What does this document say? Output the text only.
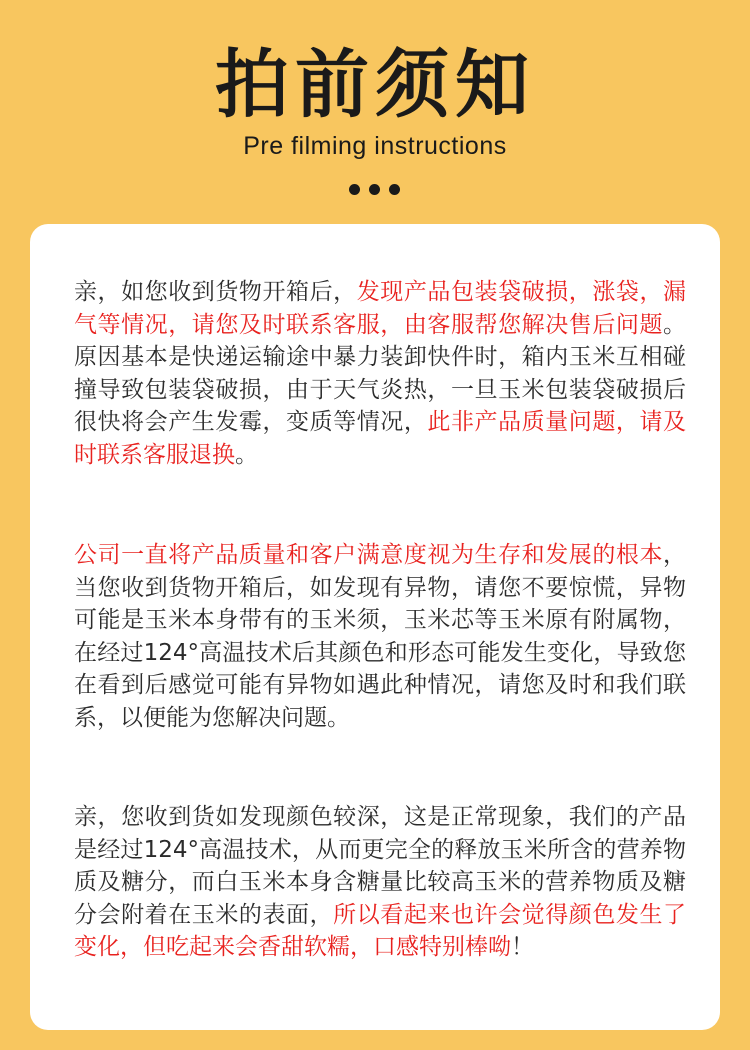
拍前须知
Pre filming instructions

亲，如您收到货物开箱后，发现产品包装袋破损，涨袋，漏气等情况，请您及时联系客服，由客服帮您解决售后问题。原因基本是快递运输途中暴力装卸快件时，箱内玉米互相碰撞导致包装袋破损，由于天气炎热，一旦玉米包装袋破损后很快将会产生发霉，变质等情况，此非产品质量问题，请及时联系客服退换。

公司一直将产品质量和客户满意度视为生存和发展的根本，当您收到货物开箱后，如发现有异物，请您不要惊慌，异物可能是玉米本身带有的玉米须，玉米芯等玉米原有附属物，在经过124°高温技术后其颜色和形态可能发生变化，导致您在看到后感觉可能有异物如遇此种情况，请您及时和我们联系，以便能为您解决问题。

亲，您收到货如发现颜色较深，这是正常现象，我们的产品是经过124°高温技术，从而更完全的释放玉米所含的营养物质及糖分，而白玉米本身含糖量比较高玉米的营养物质及糖分会附着在玉米的表面，所以看起来也许会觉得颜色发生了变化，但吃起来会香甜软糯，口感特别棒呦！
